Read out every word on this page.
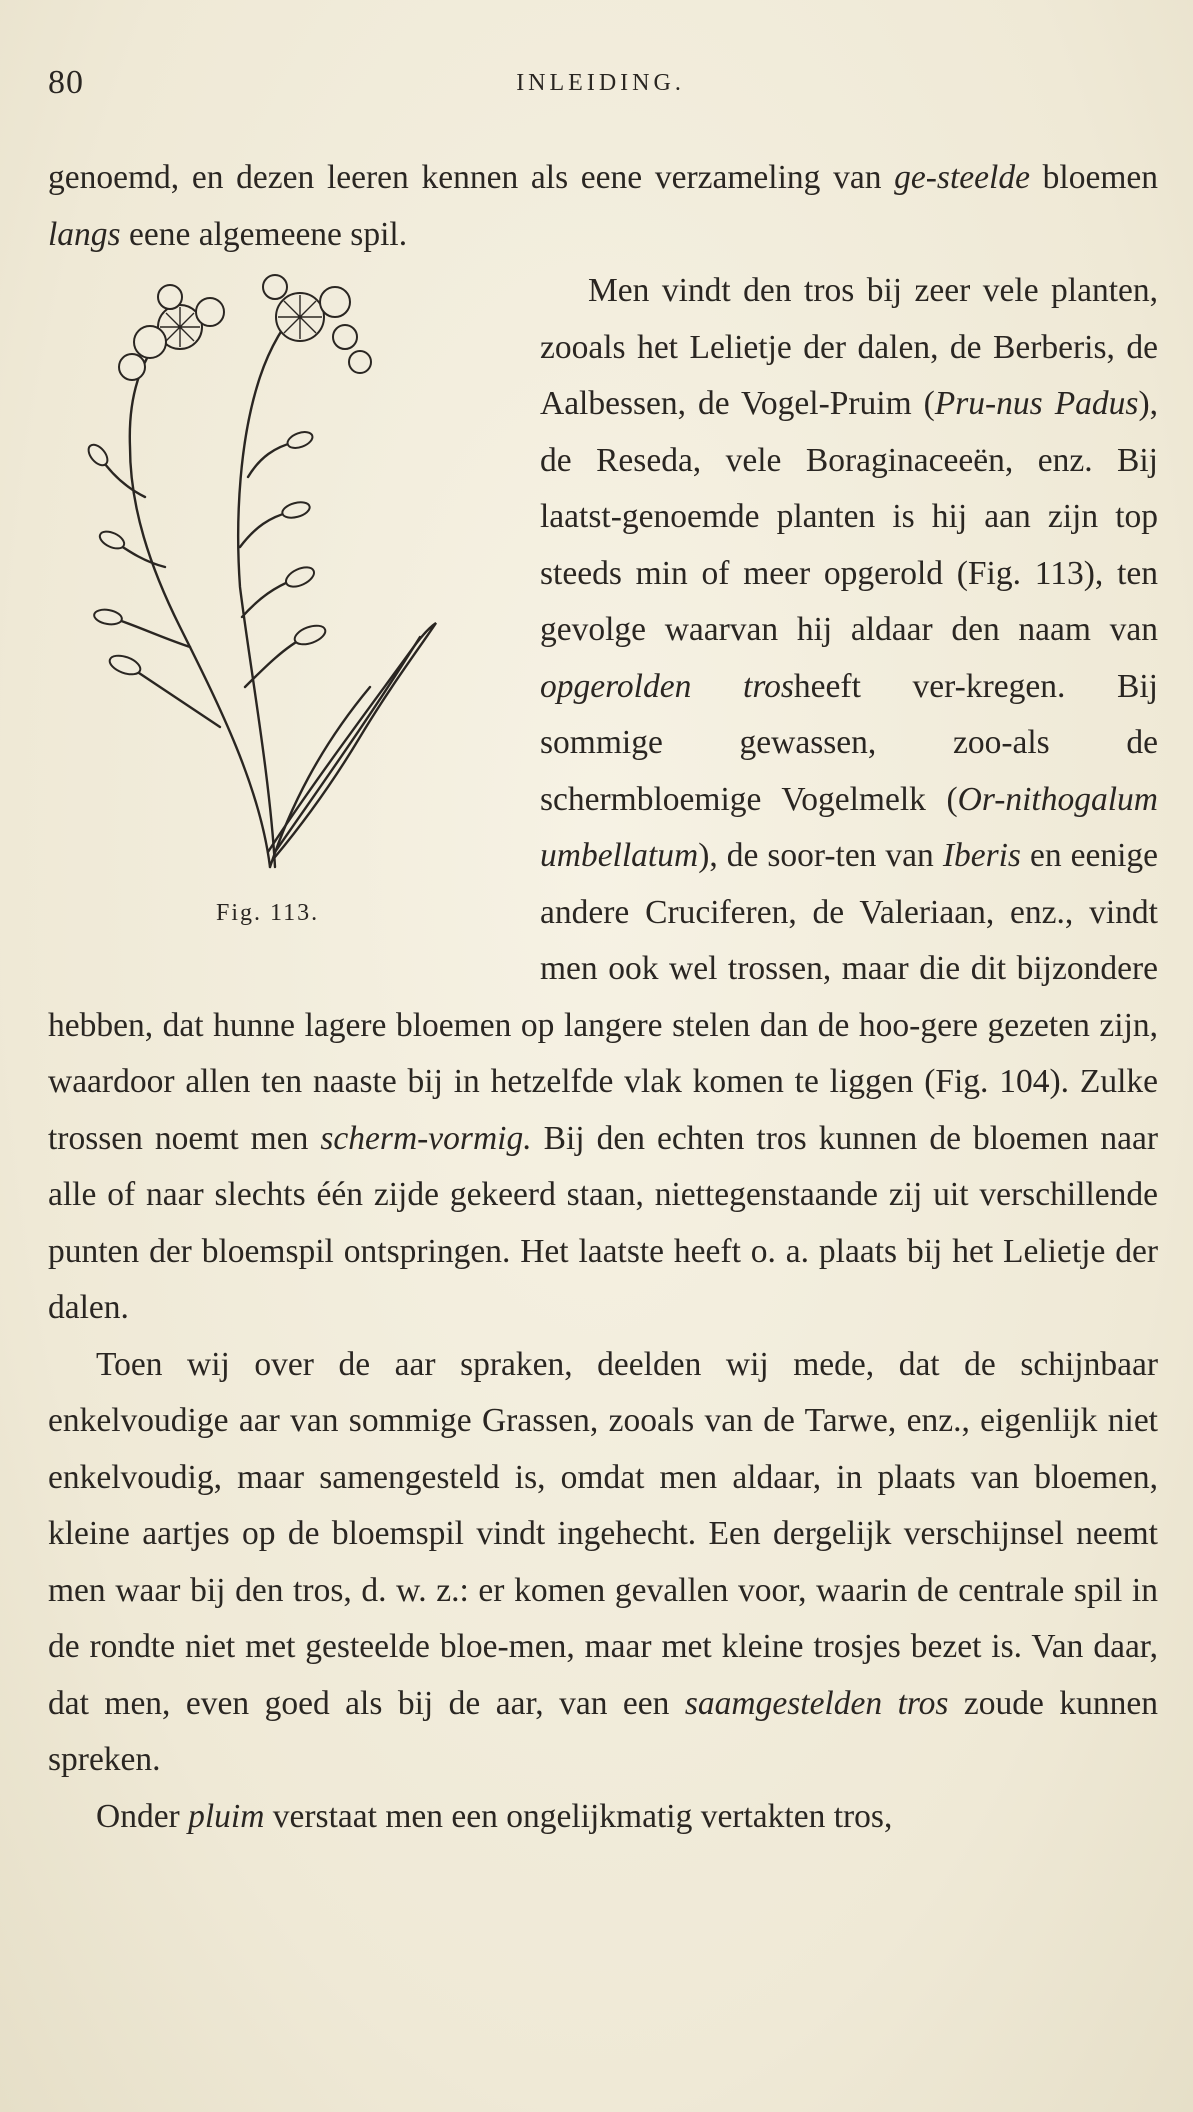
80	INLEIDING.

genoemd, en dezen leeren kennen als eene verzameling van ge-steelde bloemen langs eene algemeene spil.

Fig. 113.

Men vindt den tros bij zeer vele planten, zooals het Lelietje der dalen, de Berberis, de Aalbessen, de Vogel-Pruim (Pru-nus Padus), de Reseda, vele Boraginaceeën, enz. Bij laatst-genoemde planten is hij aan zijn top steeds min of meer opgerold (Fig. 113), ten gevolge waarvan hij aldaar den naam van opgerolden trosheeft ver-kregen. Bij sommige gewassen, zoo-als de schermbloemige Vogelmelk (Or-nithogalum umbellatum), de soor-ten van Iberis en eenige andere Cruciferen, de Valeriaan, enz., vindt men ook wel trossen, maar die dit bijzondere hebben, dat hunne lagere bloemen op langere stelen dan de hoo-gere gezeten zijn, waardoor allen ten naaste bij in hetzelfde vlak komen te liggen (Fig. 104). Zulke trossen noemt men scherm-vormig. Bij den echten tros kunnen de bloemen naar alle of naar slechts één zijde gekeerd staan, niettegenstaande zij uit verschillende punten der bloemspil ontspringen. Het laatste heeft o. a. plaats bij het Lelietje der dalen.

Toen wij over de aar spraken, deelden wij mede, dat de schijnbaar enkelvoudige aar van sommige Grassen, zooals van de Tarwe, enz., eigenlijk niet enkelvoudig, maar samengesteld is, omdat men aldaar, in plaats van bloemen, kleine aartjes op de bloemspil vindt ingehecht. Een dergelijk verschijnsel neemt men waar bij den tros, d. w. z.: er komen gevallen voor, waarin de centrale spil in de rondte niet met gesteelde bloe-men, maar met kleine trosjes bezet is. Van daar, dat men, even goed als bij de aar, van een saamgestelden tros zoude kunnen spreken.

Onder pluim verstaat men een ongelijkmatig vertakten tros,
